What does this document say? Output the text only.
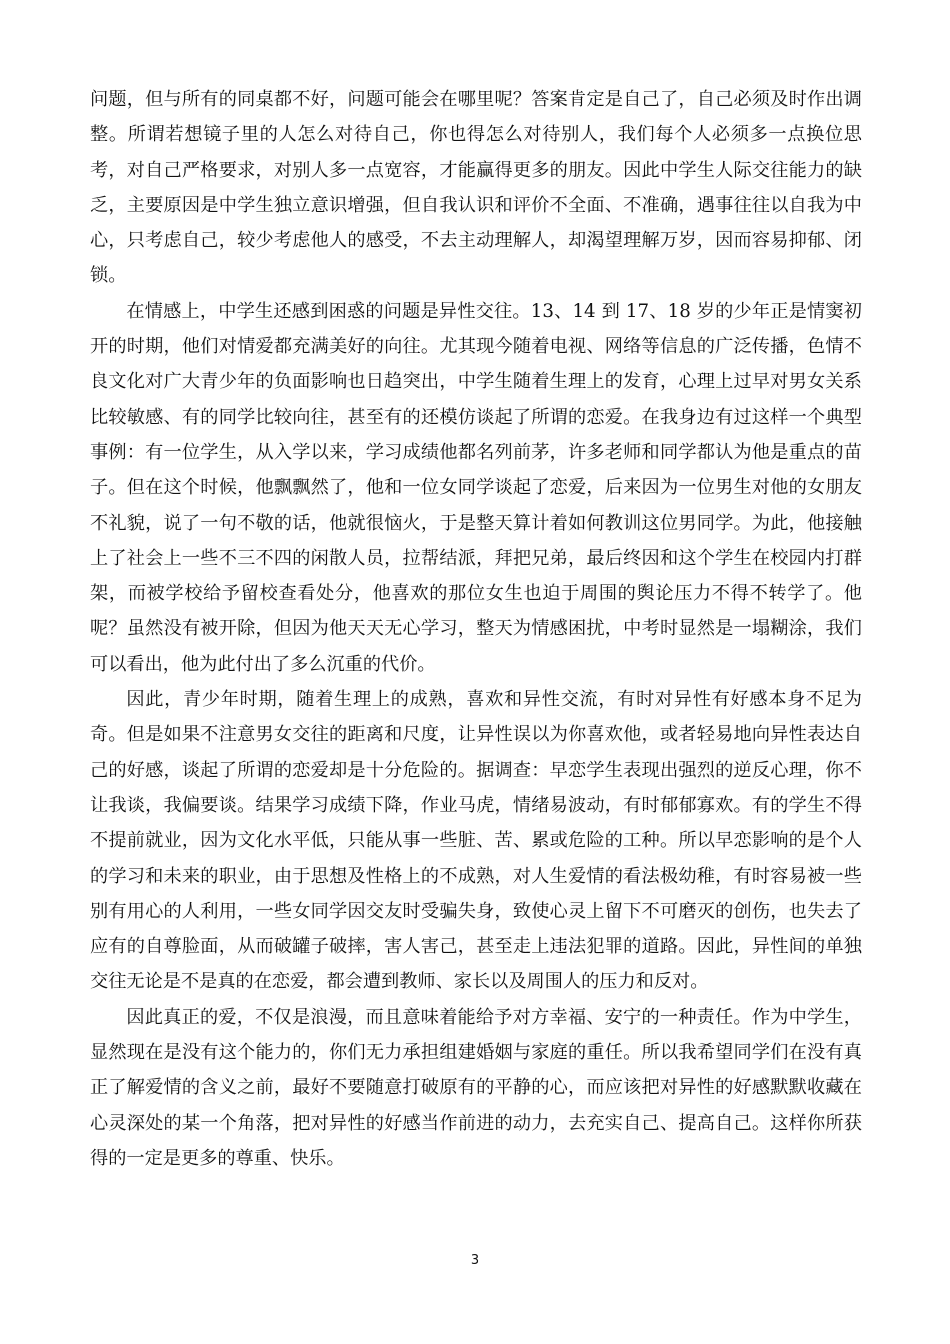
问题，但与所有的同桌都不好，问题可能会在哪里呢？答案肯定是自己了，自己必须及时作出调整。所谓若想镜子里的人怎么对待自己，你也得怎么对待别人，我们每个人必须多一点换位思考，对自己严格要求，对别人多一点宽容，才能赢得更多的朋友。因此中学生人际交往能力的缺乏，主要原因是中学生独立意识增强，但自我认识和评价不全面、不准确，遇事往往以自我为中心，只考虑自己，较少考虑他人的感受，不去主动理解人，却渴望理解万岁，因而容易抑郁、闭锁。

在情感上，中学生还感到困惑的问题是异性交往。13、14 到 17、18 岁的少年正是情窦初开的时期，他们对情爱都充满美好的向往。尤其现今随着电视、网络等信息的广泛传播，色情不良文化对广大青少年的负面影响也日趋突出，中学生随着生理上的发育，心理上过早对男女关系比较敏感、有的同学比较向往，甚至有的还模仿谈起了所谓的恋爱。在我身边有过这样一个典型事例：有一位学生，从入学以来，学习成绩他都名列前茅，许多老师和同学都认为他是重点的苗子。但在这个时候，他飘飘然了，他和一位女同学谈起了恋爱，后来因为一位男生对他的女朋友不礼貌，说了一句不敬的话，他就很恼火，于是整天算计着如何教训这位男同学。为此，他接触上了社会上一些不三不四的闲散人员，拉帮结派，拜把兄弟，最后终因和这个学生在校园内打群架，而被学校给予留校查看处分，他喜欢的那位女生也迫于周围的舆论压力不得不转学了。他呢？虽然没有被开除，但因为他天天无心学习，整天为情感困扰，中考时显然是一塌糊涂，我们可以看出，他为此付出了多么沉重的代价。

因此，青少年时期，随着生理上的成熟，喜欢和异性交流，有时对异性有好感本身不足为奇。但是如果不注意男女交往的距离和尺度，让异性误以为你喜欢他，或者轻易地向异性表达自己的好感，谈起了所谓的恋爱却是十分危险的。据调查：早恋学生表现出强烈的逆反心理，你不让我谈，我偏要谈。结果学习成绩下降，作业马虎，情绪易波动，有时郁郁寡欢。有的学生不得不提前就业，因为文化水平低，只能从事一些脏、苦、累或危险的工种。所以早恋影响的是个人的学习和未来的职业，由于思想及性格上的不成熟，对人生爱情的看法极幼稚，有时容易被一些别有用心的人利用，一些女同学因交友时受骗失身，致使心灵上留下不可磨灭的创伤，也失去了应有的自尊脸面，从而破罐子破摔，害人害己，甚至走上违法犯罪的道路。因此，异性间的单独交往无论是不是真的在恋爱，都会遭到教师、家长以及周围人的压力和反对。

因此真正的爱，不仅是浪漫，而且意味着能给予对方幸福、安宁的一种责任。作为中学生，显然现在是没有这个能力的，你们无力承担组建婚姻与家庭的重任。所以我希望同学们在没有真正了解爱情的含义之前，最好不要随意打破原有的平静的心，而应该把对异性的好感默默收藏在心灵深处的某一个角落，把对异性的好感当作前进的动力，去充实自己、提高自己。这样你所获得的一定是更多的尊重、快乐。

3
